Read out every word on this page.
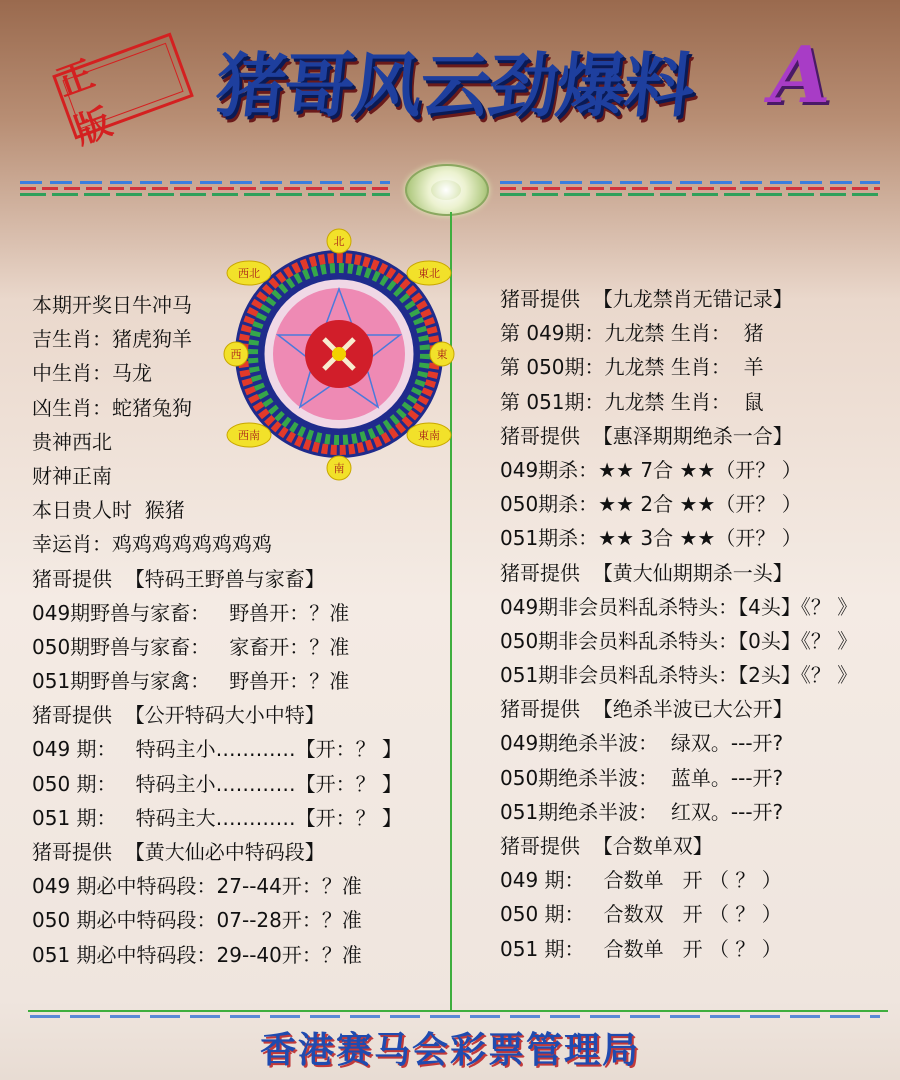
正 版	猪哥风云劲爆料 A
北
南
西	東
西北	東北
西南	東南
本期开奖日牛冲马
吉生肖：猪虎狗羊
中生肖：马龙
凶生肖：蛇猪兔狗
贵神西北
财神正南
本日贵人时  猴猪
幸运肖：鸡鸡鸡鸡鸡鸡鸡鸡
猪哥提供  【特码王野兽与家畜】
049期野兽与家畜：   野兽开：？准
050期野兽与家畜：   家畜开：？准
051期野兽与家禽：   野兽开：？准
猪哥提供  【公开特码大小中特】
049 期：   特码主小…………【开：？ 】
050 期：   特码主小…………【开：？ 】
051 期：   特码主大…………【开：？ 】
猪哥提供  【黄大仙必中特码段】
049 期必中特码段：27--44开：？准
050 期必中特码段：07--28开：？准
051 期必中特码段：29--40开：？准
猪哥提供  【九龙禁肖无错记录】
第 049期：九龙禁 生肖：  猪
第 050期：九龙禁 生肖：  羊
第 051期：九龙禁 生肖：  鼠
猪哥提供  【惠泽期期绝杀一合】
049期杀：★★ 7合 ★★（开？ ）
050期杀：★★ 2合 ★★（开？ ）
051期杀：★★ 3合 ★★（开？ ）
猪哥提供  【黄大仙期期杀一头】
049期非会员料乱杀特头：【4头】《？ 》
050期非会员料乱杀特头：【0头】《？ 》
051期非会员料乱杀特头：【2头】《？ 》
猪哥提供  【绝杀半波已大公开】
049期绝杀半波：  绿双。---开?
050期绝杀半波：  蓝单。---开?
051期绝杀半波：  红双。---开?
猪哥提供  【合数单双】
049 期：   合数单   开 （ ？ ）
050 期：   合数双   开 （ ？ ）
051 期：   合数单   开 （ ？ ）
香港赛马会彩票管理局
